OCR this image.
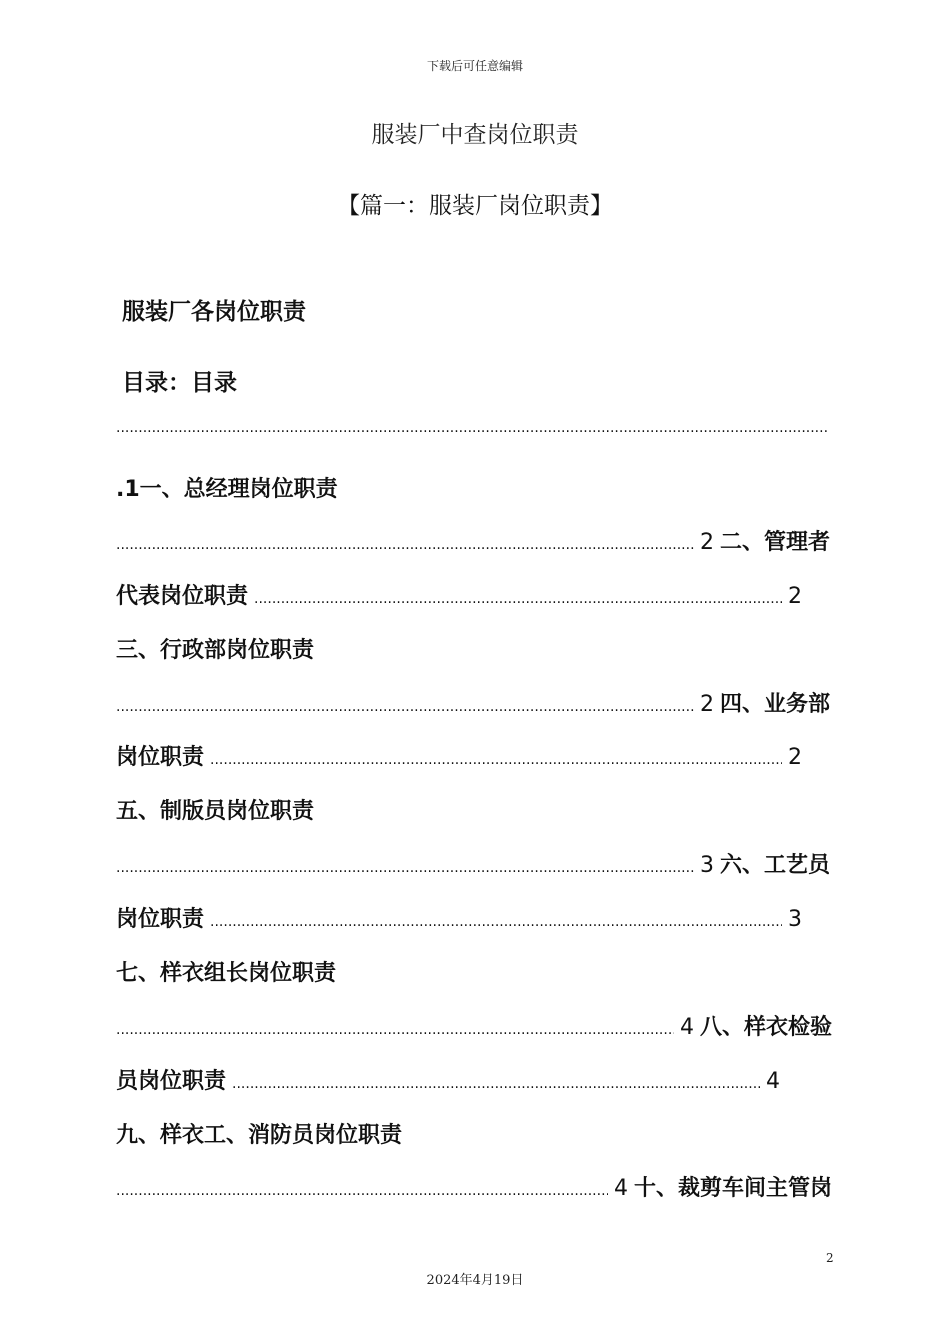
下载后可任意编辑
服装厂中查岗位职责
【篇一：服装厂岗位职责】
服装厂各岗位职责
目录：目录
.....
.1一、总经理岗位职责
.....
2 二、管理者
代表岗位职责 .....	2
三、行政部岗位职责
.....
2 四、业务部
岗位职责 .....	2
五、制版员岗位职责
.....
3 六、工艺员
岗位职责 .....	3
七、样衣组长岗位职责
.....
4 八、样衣检验
员岗位职责 .....	4
九、样衣工、消防员岗位职责
.....
4 十、裁剪车间主管岗
2
2024年4月19日
